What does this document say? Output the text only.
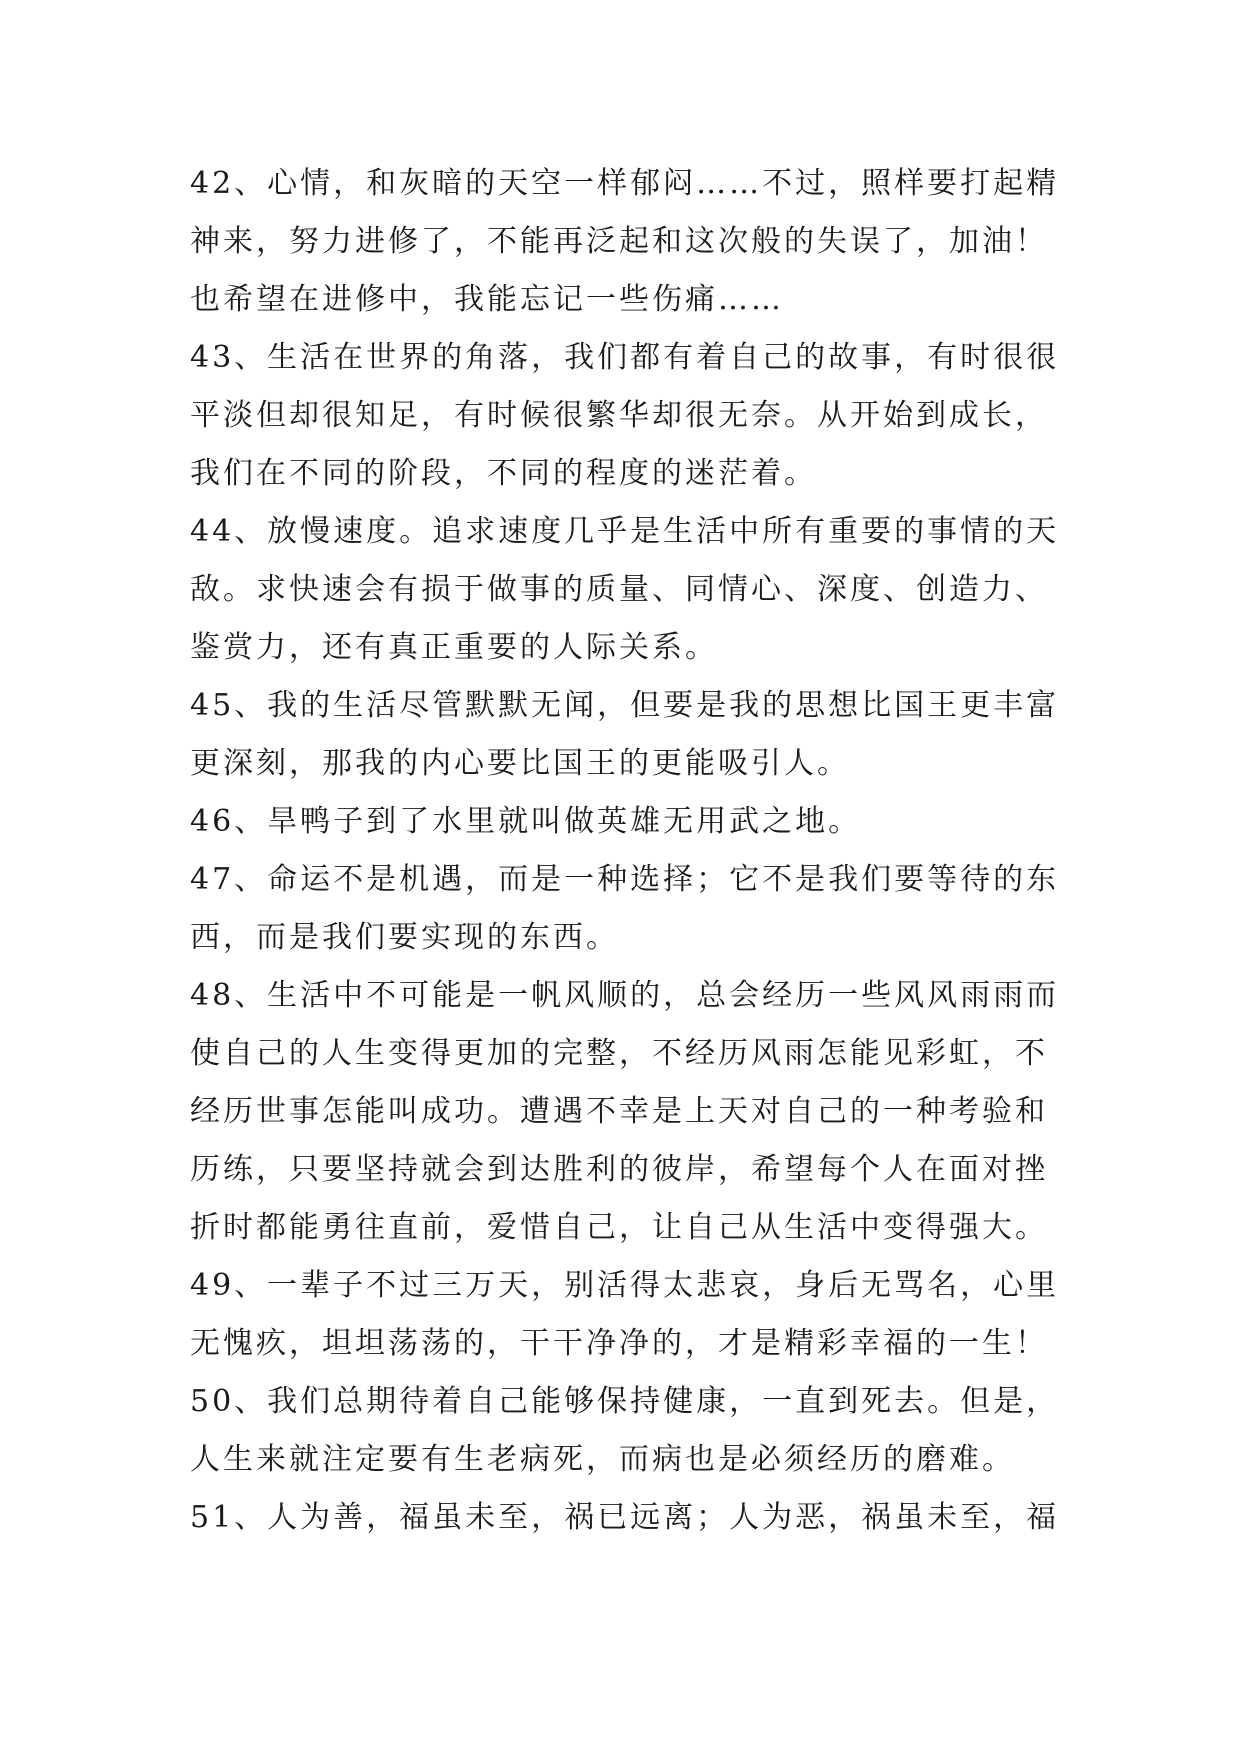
42、心情，和灰暗的天空一样郁闷……不过，照样要打起精
神来，努力进修了，不能再泛起和这次般的失误了，加油！
也希望在进修中，我能忘记一些伤痛……

43、生活在世界的角落，我们都有着自己的故事，有时很很
平淡但却很知足，有时候很繁华却很无奈。从开始到成长，
我们在不同的阶段，不同的程度的迷茫着。

44、放慢速度。追求速度几乎是生活中所有重要的事情的天
敌。求快速会有损于做事的质量、同情心、深度、创造力、
鉴赏力，还有真正重要的人际关系。

45、我的生活尽管默默无闻，但要是我的思想比国王更丰富
更深刻，那我的内心要比国王的更能吸引人。

46、旱鸭子到了水里就叫做英雄无用武之地。

47、命运不是机遇，而是一种选择；它不是我们要等待的东
西，而是我们要实现的东西。

48、生活中不可能是一帆风顺的，总会经历一些风风雨雨而
使自己的人生变得更加的完整，不经历风雨怎能见彩虹，不
经历世事怎能叫成功。遭遇不幸是上天对自己的一种考验和
历练，只要坚持就会到达胜利的彼岸，希望每个人在面对挫
折时都能勇往直前，爱惜自己，让自己从生活中变得强大。

49、一辈子不过三万天，别活得太悲哀，身后无骂名，心里
无愧疚，坦坦荡荡的，干干净净的，才是精彩幸福的一生！

50、我们总期待着自己能够保持健康，一直到死去。但是，
人生来就注定要有生老病死，而病也是必须经历的磨难。

51、人为善，福虽未至，祸已远离；人为恶，祸虽未至，福
